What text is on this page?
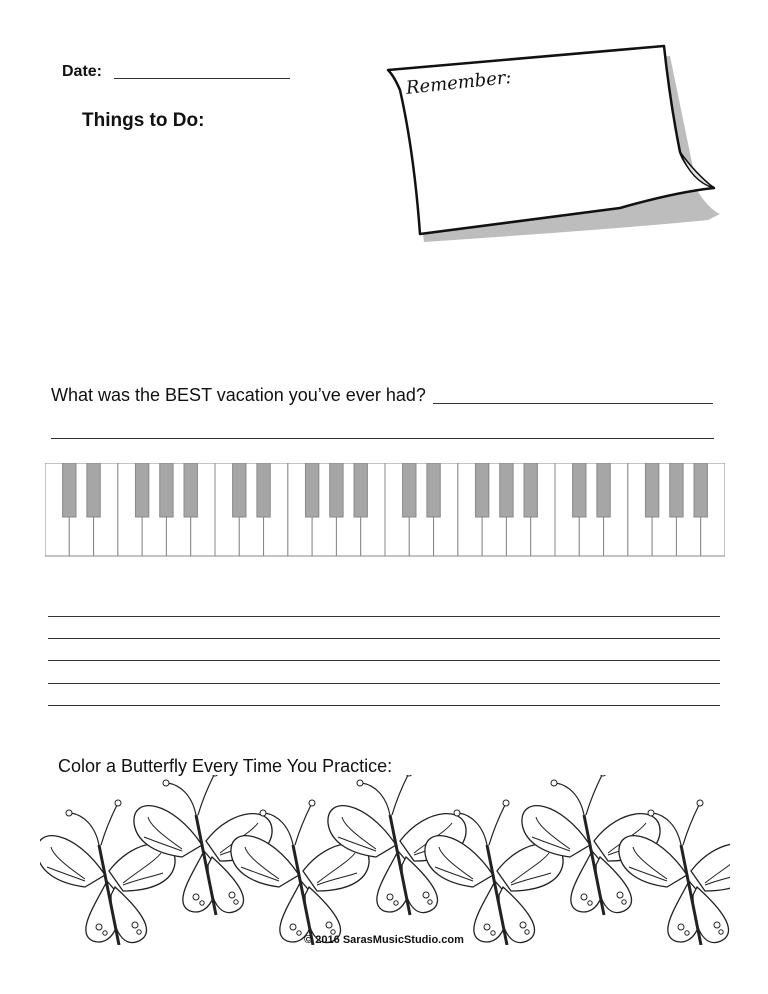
Date:
Things to Do:
Remember:
What was the BEST vacation you’ve ever had?
Color a Butterfly Every Time You Practice:
© 2016 SarasMusicStudio.com
